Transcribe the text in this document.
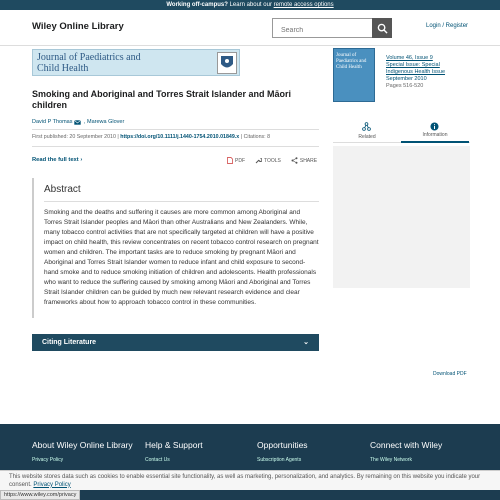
Working off-campus? Learn about our remote access options
Wiley Online Library
Search	Login / Register
Journal of Paediatrics and
Child Health
Smoking and Aboriginal and Torres Strait Islander and Māori children
David P Thomas , Marewa Glover
First published: 20 September 2010 | https://doi.org/10.1111/j.1440-1754.2010.01849.x | Citations: 8
Read the full text ›	PDF	TOOLS	SHARE
Abstract

Smoking and the deaths and suffering it causes are more common among Aboriginal and Torres Strait Islander peoples and Māori than other Australians and New Zealanders. While, many tobacco control activities that are not specifically targeted at children will have a positive impact on child health, this review concentrates on recent tobacco control research on pregnant women and children. The important tasks are to reduce smoking by pregnant Māori and Aboriginal and Torres Strait Islander women to reduce infant and child exposure to second-hand smoke and to reduce smoking initiation of children and adolescents. Health professionals who want to reduce the suffering caused by smoking among Māori and Aboriginal and Torres Strait Islander children can be guided by much new relevant research evidence and clear frameworks about how to approach tobacco control in these communities.

Citing Literature	⌄
Journal of
Paediatrics and
Child Health
Volume 46, Issue 9
Special Issue: Special
Indigenous Health Issue
September 2010
Pages 516-520
Related	Information
Download PDF
About Wiley Online Library Help & Support	Opportunities	Connect with Wiley
Privacy Policy	Contact Us	Subscription Agents	The Wiley Network
This website stores data such as cookies to enable essential site functionality, as well as marketing, personalization, and analytics. By remaining on this website you indicate your consent. Privacy Policy
https://www.wiley.com/privacy
